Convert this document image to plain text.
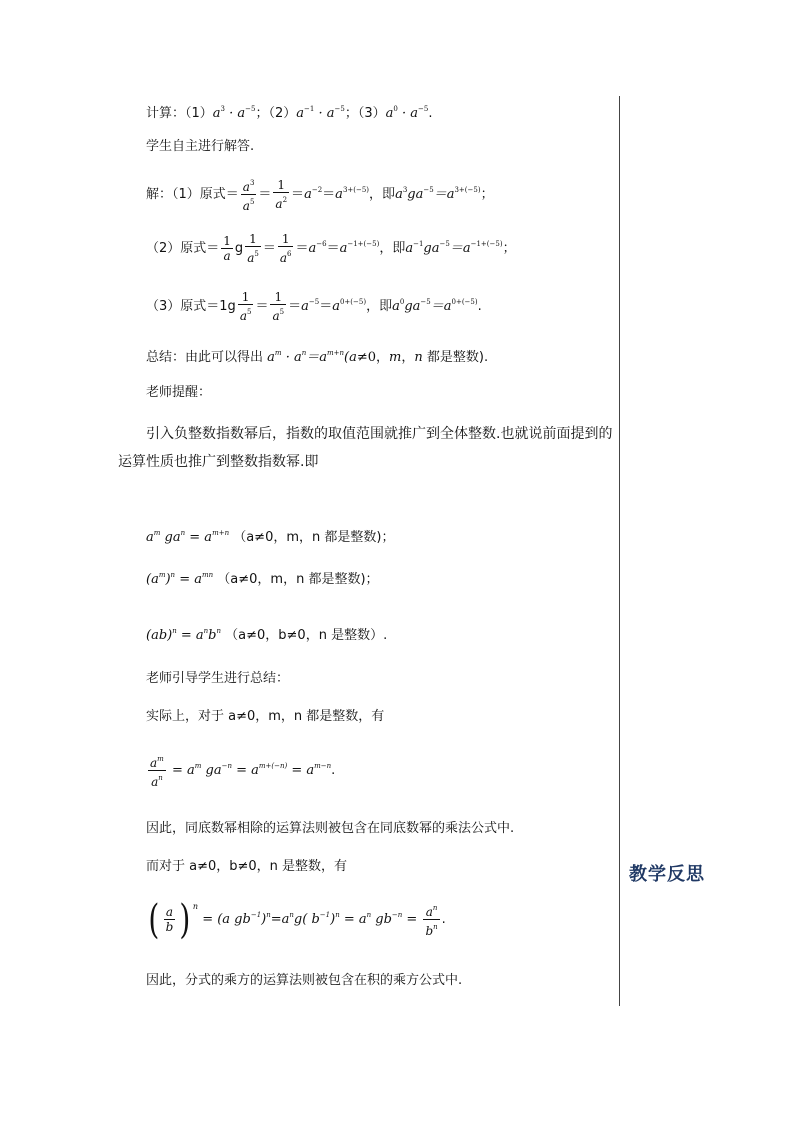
教学反思
计算：$(1)a^3 \cdot a^{-5}$；$(2)a^{-1} \cdot a^{-5}$；$(3)a^0 \cdot a^{-5}$.
学生自主进行解答.
解：（1）原式＝ $\frac{a^3}{a^5} = \frac{1}{a^2} =a^{-2}=a^{3+(-5)}$，即$a^3ga^{-5}=a^{3+(-5)}$；
（2）原式＝ $\frac{1}{a}$ g $\frac{1}{a^5} = \frac{1}{a^6} =a^{-6}=a^{-1+(-5)}$，即$a^{-1}ga^{-5}=a^{-1+(-5)}$；
（3）原式$=1g \frac{1}{a^5} = \frac{1}{a^5} =a^{-5}=a^{0+(-5)}$，即$a^0ga^{-5}=a^{0+(-5)}$.
总结：由此可以得出 $a^m \cdot a^n=a^{m+n}(a\ne 0$，m，n 都是整数).
老师提醒：
引入负整数指数幂后，指数的取值范围就推广到全体整数.也就说前面提到的运算性质也推广到整数指数幂.即
$a^m$ $ga^n = a^{m+n}$ （a≠0，m，n 都是整数)；
$(a^m)^n = a^{mn}$ （a≠0，m，n 都是整数)；
$(ab)^n = a^nb^n$ （a≠0，b≠0，n 是整数）.
老师引导学生进行总结：
实际上，对于 a≠0，m，n 都是整数，有
$\frac{a^m}{a^n} = a^m$ $ga^{-n} = a^{m+(-n)} = a^{m-n}$.
因此，同底数幂相除的运算法则被包含在同底数幂的乘法公式中.
而对于 a≠0，b≠0，n 是整数，有
( $\frac{a}{b}$ ) $^n$ = (a $gb^{-1})^n=a^ng$( $b^{-1})^n = a^n$ $gb^{-n} = \frac{a^n}{b^n}$ .
因此，分式的乘方的运算法则被包含在积的乘方公式中.
